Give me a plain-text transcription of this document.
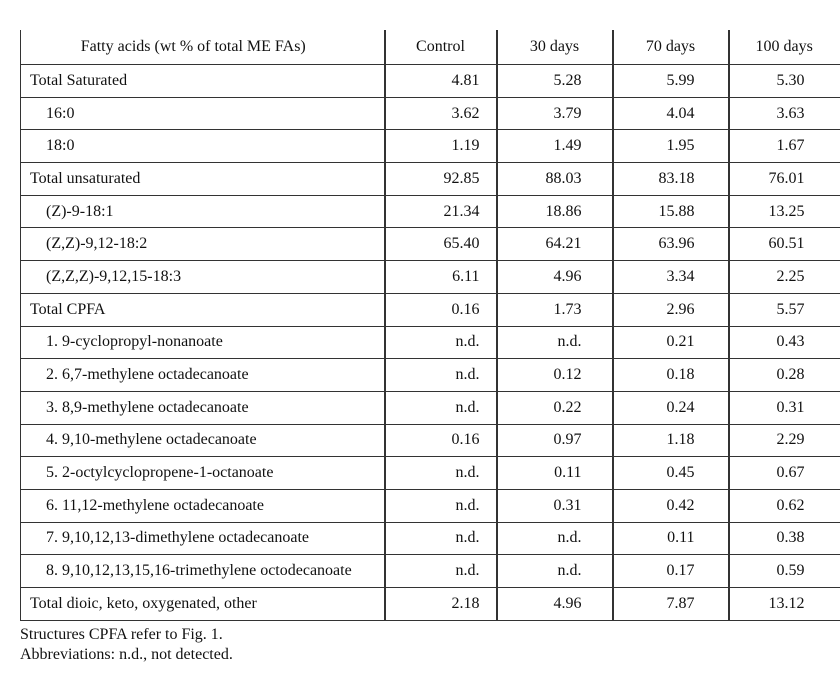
Fatty acids (wt % of total ME FAs)	Control	30 days	70 days	100 days
Total Saturated	4.81	5.28	5.99	5.30
16:0	3.62	3.79	4.04	3.63
18:0	1.19	1.49	1.95	1.67
Total unsaturated	92.85	88.03	83.18	76.01
(Z)-9-18:1	21.34	18.86	15.88	13.25
(Z,Z)-9,12-18:2	65.40	64.21	63.96	60.51
(Z,Z,Z)-9,12,15-18:3	6.11	4.96	3.34	2.25
Total CPFA	0.16	1.73	2.96	5.57
1. 9-cyclopropyl-nonanoate	n.d.	n.d.	0.21	0.43
2. 6,7-methylene octadecanoate	n.d.	0.12	0.18	0.28
3. 8,9-methylene octadecanoate	n.d.	0.22	0.24	0.31
4. 9,10-methylene octadecanoate	0.16	0.97	1.18	2.29
5. 2-octylcyclopropene-1-octanoate	n.d.	0.11	0.45	0.67
6. 11,12-methylene octadecanoate	n.d.	0.31	0.42	0.62
7. 9,10,12,13-dimethylene octadecanoate	n.d.	n.d.	0.11	0.38
8. 9,10,12,13,15,16-trimethylene octodecanoate	n.d.	n.d.	0.17	0.59
Total dioic, keto, oxygenated, other	2.18	4.96	7.87	13.12
Structures CPFA refer to Fig. 1.
Abbreviations: n.d., not detected.
